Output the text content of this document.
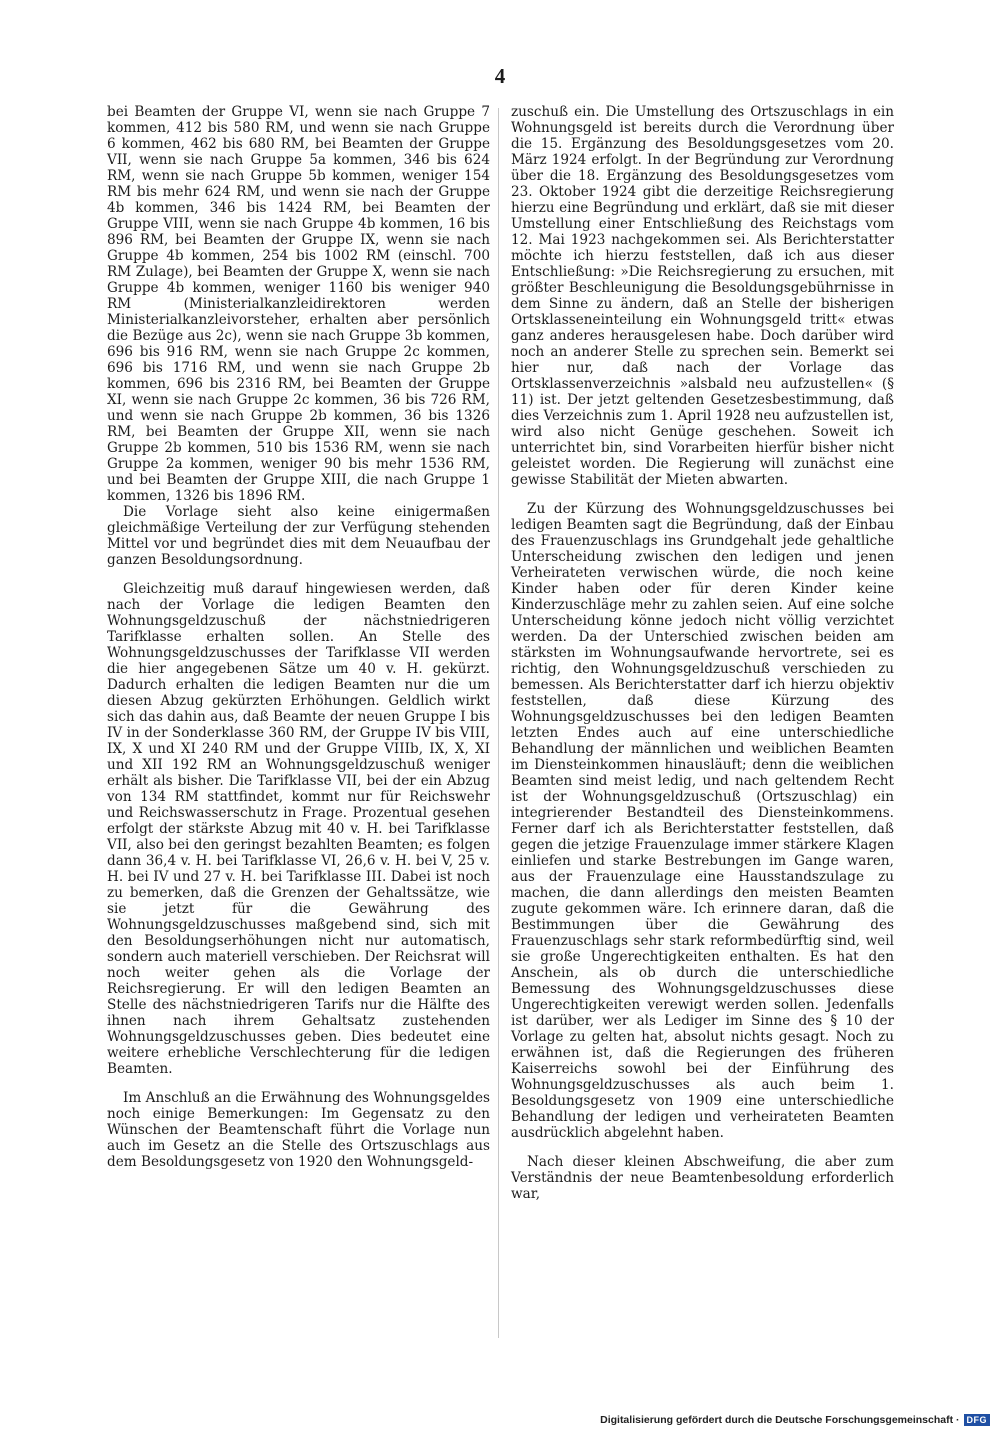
4

bei Beamten der Gruppe VI, wenn sie nach Gruppe 7 kommen, 412 bis 580 RM, und wenn sie nach Gruppe 6 kommen, 462 bis 680 RM, bei Beamten der Gruppe VII, wenn sie nach Gruppe 5a kommen, 346 bis 624 RM, wenn sie nach Gruppe 5b kommen, weniger 154 RM bis mehr 624 RM, und wenn sie nach der Gruppe 4b kommen, 346 bis 1424 RM, bei Beamten der Gruppe VIII, wenn sie nach Gruppe 4b kommen, 16 bis 896 RM, bei Beamten der Gruppe IX, wenn sie nach Gruppe 4b kommen, 254 bis 1002 RM (einschl. 700 RM Zulage), bei Beamten der Gruppe X, wenn sie nach Gruppe 4b kommen, weniger 1160 bis weniger 940 RM (Ministerialkanzleidirektoren werden Ministerialkanzleivorsteher, erhalten aber persönlich die Bezüge aus 2c), wenn sie nach Gruppe 3b kommen, 696 bis 916 RM, wenn sie nach Gruppe 2c kommen, 696 bis 1716 RM, und wenn sie nach Gruppe 2b kommen, 696 bis 2316 RM, bei Beamten der Gruppe XI, wenn sie nach Gruppe 2c kommen, 36 bis 726 RM, und wenn sie nach Gruppe 2b kommen, 36 bis 1326 RM, bei Beamten der Gruppe XII, wenn sie nach Gruppe 2b kommen, 510 bis 1536 RM, wenn sie nach Gruppe 2a kommen, weniger 90 bis mehr 1536 RM, und bei Beamten der Gruppe XIII, die nach Gruppe 1 kommen, 1326 bis 1896 RM.

Die Vorlage sieht also keine einigermaßen gleichmäßige Verteilung der zur Verfügung stehenden Mittel vor und begründet dies mit dem Neuaufbau der ganzen Besoldungsordnung.

Gleichzeitig muß darauf hingewiesen werden, daß nach der Vorlage die ledigen Beamten den Wohnungsgeldzuschuß der nächstniedrigeren Tarifklasse erhalten sollen. An Stelle des Wohnungsgeldzuschusses der Tarifklasse VII werden die hier angegebenen Sätze um 40 v. H. gekürzt. Dadurch erhalten die ledigen Beamten nur die um diesen Abzug gekürzten Erhöhungen. Geldlich wirkt sich das dahin aus, daß Beamte der neuen Gruppe I bis IV in der Sonderklasse 360 RM, der Gruppe IV bis VIII, IX, X und XI 240 RM und der Gruppe VIIIb, IX, X, XI und XII 192 RM an Wohnungsgeldzuschuß weniger erhält als bisher. Die Tarifklasse VII, bei der ein Abzug von 134 RM stattfindet, kommt nur für Reichswehr und Reichswasserschutz in Frage. Prozentual gesehen erfolgt der stärkste Abzug mit 40 v. H. bei Tarifklasse VII, also bei den geringst bezahlten Beamten; es folgen dann 36,4 v. H. bei Tarifklasse VI, 26,6 v. H. bei V, 25 v. H. bei IV und 27 v. H. bei Tarifklasse III. Dabei ist noch zu bemerken, daß die Grenzen der Gehaltssätze, wie sie jetzt für die Gewährung des Wohnungsgeldzuschusses maßgebend sind, sich mit den Besoldungserhöhungen nicht nur automatisch, sondern auch materiell verschieben. Der Reichsrat will noch weiter gehen als die Vorlage der Reichsregierung. Er will den ledigen Beamten an Stelle des nächstniedrigeren Tarifs nur die Hälfte des ihnen nach ihrem Gehaltsatz zustehenden Wohnungsgeldzuschusses geben. Dies bedeutet eine weitere erhebliche Verschlechterung für die ledigen Beamten.

Im Anschluß an die Erwähnung des Wohnungsgeldes noch einige Bemerkungen: Im Gegensatz zu den Wünschen der Beamtenschaft führt die Vorlage nun auch im Gesetz an die Stelle des Ortszuschlags aus dem Besoldungsgesetz von 1920 den Wohnungsgeld-

zuschuß ein. Die Umstellung des Ortszuschlags in ein Wohnungsgeld ist bereits durch die Verordnung über die 15. Ergänzung des Besoldungsgesetzes vom 20. März 1924 erfolgt. In der Begründung zur Verordnung über die 18. Ergänzung des Besoldungsgesetzes vom 23. Oktober 1924 gibt die derzeitige Reichsregierung hierzu eine Begründung und erklärt, daß sie mit dieser Umstellung einer Entschließung des Reichstags vom 12. Mai 1923 nachgekommen sei. Als Berichterstatter möchte ich hierzu feststellen, daß ich aus dieser Entschließung: »Die Reichsregierung zu ersuchen, mit größter Beschleunigung die Besoldungsgebührnisse in dem Sinne zu ändern, daß an Stelle der bisherigen Ortsklasseneinteilung ein Wohnungsgeld tritt« etwas ganz anderes herausgelesen habe. Doch darüber wird noch an anderer Stelle zu sprechen sein. Bemerkt sei hier nur, daß nach der Vorlage das Ortsklassenverzeichnis »alsbald neu aufzustellen« (§ 11) ist. Der jetzt geltenden Gesetzesbestimmung, daß dies Verzeichnis zum 1. April 1928 neu aufzustellen ist, wird also nicht Genüge geschehen. Soweit ich unterrichtet bin, sind Vorarbeiten hierfür bisher nicht geleistet worden. Die Regierung will zunächst eine gewisse Stabilität der Mieten abwarten.

Zu der Kürzung des Wohnungsgeldzuschusses bei ledigen Beamten sagt die Begründung, daß der Einbau des Frauenzuschlags ins Grundgehalt jede gehaltliche Unterscheidung zwischen den ledigen und jenen Verheirateten verwischen würde, die noch keine Kinder haben oder für deren Kinder keine Kinderzuschläge mehr zu zahlen seien. Auf eine solche Unterscheidung könne jedoch nicht völlig verzichtet werden. Da der Unterschied zwischen beiden am stärksten im Wohnungsaufwande hervortrete, sei es richtig, den Wohnungsgeldzuschuß verschieden zu bemessen. Als Berichterstatter darf ich hierzu objektiv feststellen, daß diese Kürzung des Wohnungsgeldzuschusses bei den ledigen Beamten letzten Endes auch auf eine unterschiedliche Behandlung der männlichen und weiblichen Beamten im Diensteinkommen hinausläuft; denn die weiblichen Beamten sind meist ledig, und nach geltendem Recht ist der Wohnungsgeldzuschuß (Ortszuschlag) ein integrierender Bestandteil des Diensteinkommens. Ferner darf ich als Berichterstatter feststellen, daß gegen die jetzige Frauenzulage immer stärkere Klagen einliefen und starke Bestrebungen im Gange waren, aus der Frauenzulage eine Hausstandszulage zu machen, die dann allerdings den meisten Beamten zugute gekommen wäre. Ich erinnere daran, daß die Bestimmungen über die Gewährung des Frauenzuschlags sehr stark reformbedürftig sind, weil sie große Ungerechtigkeiten enthalten. Es hat den Anschein, als ob durch die unterschiedliche Bemessung des Wohnungsgeldzuschusses diese Ungerechtigkeiten verewigt werden sollen. Jedenfalls ist darüber, wer als Lediger im Sinne des § 10 der Vorlage zu gelten hat, absolut nichts gesagt. Noch zu erwähnen ist, daß die Regierungen des früheren Kaiserreichs sowohl bei der Einführung des Wohnungsgeldzuschusses als auch beim 1. Besoldungsgesetz von 1909 eine unterschiedliche Behandlung der ledigen und verheirateten Beamten ausdrücklich abgelehnt haben.

Nach dieser kleinen Abschweifung, die aber zum Verständnis der neue Beamtenbesoldung erforderlich war,

Digitalisierung gefördert durch die Deutsche Forschungsgemeinschaft · DFG
